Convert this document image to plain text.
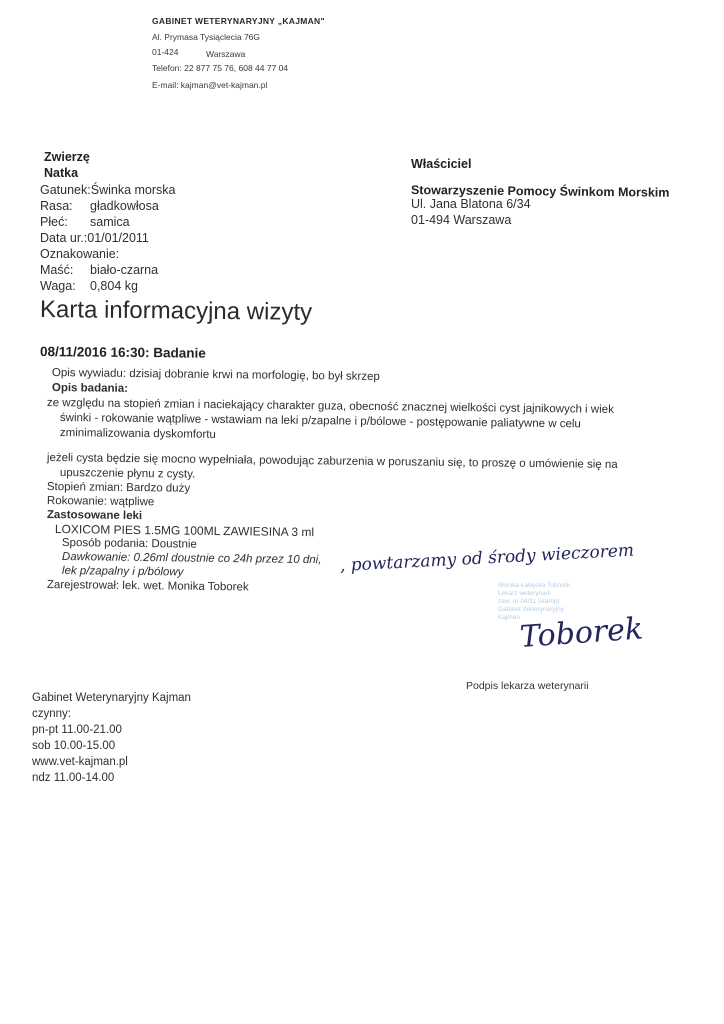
GABINET WETERYNARYJNY „KAJMAN"
Al. Prymasa Tysiąclecia 76G
01-424	Warszawa
Telefon: 22 877 75 76, 608 44 77 04
E-mail: kajman@vet-kajman.pl
Zwierzę
Natka
Gatunek:Świnka morska
Rasa: gładkowłosa
Płeć: samica
Data ur.:01/01/2011
Oznakowanie:
Maść: biało-czarna
Waga: 0,804 kg
Właściciel
Stowarzyszenie Pomocy Świnkom Morskim
Ul. Jana Blatona 6/34
01-494 Warszawa
Karta informacyjna wizyty
08/11/2016 16:30: Badanie
Opis wywiadu: dzisiaj dobranie krwi na morfologię, bo był skrzep
Opis badania:
ze względu na stopień zmian i naciekający charakter guza, obecność znacznej wielkości cyst jajnikowych i wiek
świnki - rokowanie wątpliwe - wstawiam na leki p/zapalne i p/bólowe - postępowanie paliatywne w celu
zminimalizowania dyskomfortu
jeżeli cysta będzie się mocno wypełniała, powodując zaburzenia w poruszaniu się, to proszę o umówienie się na
upuszczenie płynu z cysty.
Stopień zmian: Bardzo duży
Rokowanie: wątpliwe
Zastosowane leki
LOXICOM PIES 1.5MG 100ML ZAWIESINA 3 ml
Sposób podania: Doustnie
Dawkowanie: 0.26ml doustnie co 24h przez 10 dni,
lek p/zapalny i p/bólowy
Zarejestrował: lek. wet. Monika Toborek
, powtarzamy od środy wieczorem
Monika Łabęcka Toborek
Lekarz weterynarii
zaw. nr 04/11 [stamp]
Gabinet Weterynaryjny
Kajman
Toborek
Podpis lekarza weterynarii
Gabinet Weterynaryjny Kajman
czynny:
pn-pt 11.00-21.00
sob 10.00-15.00
www.vet-kajman.pl
ndz 11.00-14.00
